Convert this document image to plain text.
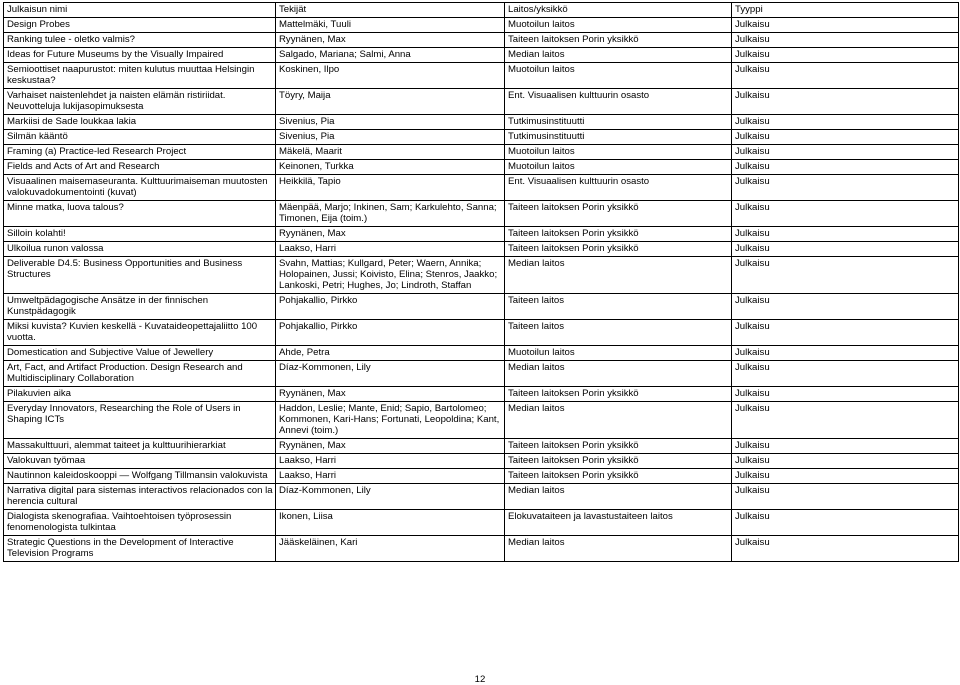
Julkaisun nimi	Tekijät	Laitos/yksikkö	Tyyppi
Design Probes	Mattelmäki, Tuuli	Muotoilun laitos	Julkaisu
Ranking tulee - oletko valmis?	Ryynänen, Max	Taiteen laitoksen Porin yksikkö	Julkaisu
Ideas for Future Museums by the Visually Impaired	Salgado, Mariana; Salmi, Anna	Median laitos	Julkaisu
Semioottiset naapurustot: miten kulutus muuttaa Helsingin keskustaa?	Koskinen, Ilpo	Muotoilun laitos	Julkaisu
Varhaiset naistenlehdet ja naisten elämän ristiriidat. Neuvotteluja lukijasopimuksesta	Töyry, Maija	Ent. Visuaalisen kulttuurin osasto	Julkaisu
Markiisi de Sade loukkaa lakia	Sivenius, Pia	Tutkimusinstituutti	Julkaisu
Silmän kääntö	Sivenius, Pia	Tutkimusinstituutti	Julkaisu
Framing (a) Practice-led Research Project	Mäkelä, Maarit	Muotoilun laitos	Julkaisu
Fields and Acts of Art and Research	Keinonen, Turkka	Muotoilun laitos	Julkaisu
Visuaalinen maisemaseuranta. Kulttuurimaiseman muutosten valokuvadokumentointi (kuvat)	Heikkilä, Tapio	Ent. Visuaalisen kulttuurin osasto	Julkaisu
Minne matka, luova talous?	Mäenpää, Marjo; Inkinen, Sam; Karkulehto, Sanna; Timonen, Eija (toim.)	Taiteen laitoksen Porin yksikkö	Julkaisu
Silloin kolahti!	Ryynänen, Max	Taiteen laitoksen Porin yksikkö	Julkaisu
Ulkoilua runon valossa	Laakso, Harri	Taiteen laitoksen Porin yksikkö	Julkaisu
Deliverable D4.5: Business Opportunities and Business Structures	Svahn, Mattias; Kullgard, Peter; Waern, Annika; Holopainen, Jussi; Koivisto, Elina; Stenros, Jaakko; Lankoski, Petri; Hughes, Jo; Lindroth, Staffan	Median laitos	Julkaisu
Umweltpädagogische Ansätze in der finnischen Kunstpädagogik	Pohjakallio, Pirkko	Taiteen laitos	Julkaisu
Miksi kuvista? Kuvien keskellä - Kuvataideopettajaliitto 100 vuotta.	Pohjakallio, Pirkko	Taiteen laitos	Julkaisu
Domestication and Subjective Value of Jewellery	Ahde, Petra	Muotoilun laitos	Julkaisu
Art, Fact, and Artifact Production. Design Research and Multidisciplinary Collaboration	Díaz-Kommonen, Lily	Median laitos	Julkaisu
Pilakuvien aika	Ryynänen, Max	Taiteen laitoksen Porin yksikkö	Julkaisu
Everyday Innovators, Researching the Role of Users in Shaping ICTs	Haddon, Leslie; Mante, Enid; Sapio, Bartolomeo; Kommonen, Kari-Hans; Fortunati, Leopoldina; Kant, Annevi (toim.)	Median laitos	Julkaisu
Massakulttuuri, alemmat taiteet ja kulttuurihierarkiat	Ryynänen, Max	Taiteen laitoksen Porin yksikkö	Julkaisu
Valokuvan työmaa	Laakso, Harri	Taiteen laitoksen Porin yksikkö	Julkaisu
Nautinnon kaleidoskooppi — Wolfgang Tillmansin valokuvista	Laakso, Harri	Taiteen laitoksen Porin yksikkö	Julkaisu
Narrativa digital para sistemas interactivos relacionados con la herencia cultural	Díaz-Kommonen, Lily	Median laitos	Julkaisu
Dialogista skenografiaa. Vaihtoehtoisen työprosessin fenomenologista tulkintaa	Ikonen, Liisa	Elokuvataiteen ja lavastustaiteen laitos	Julkaisu
Strategic Questions in the Development of Interactive Television Programs	Jääskeläinen, Kari	Median laitos	Julkaisu
12
